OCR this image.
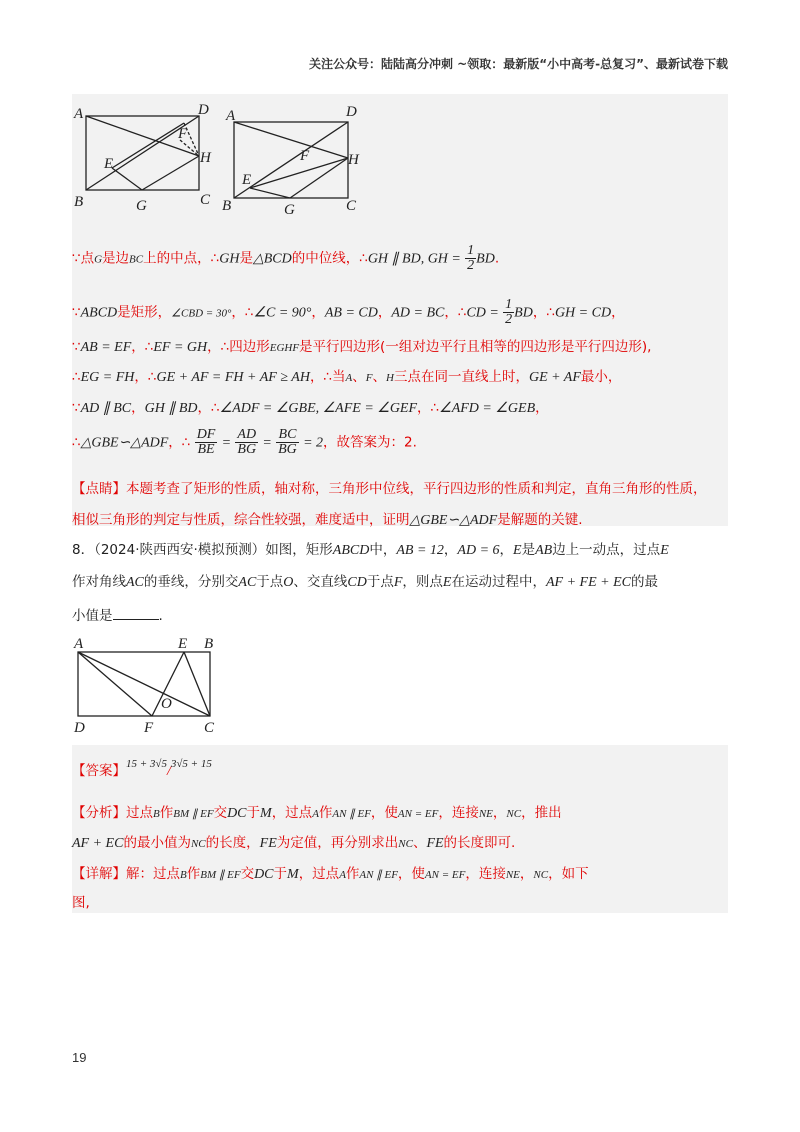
关注公众号：陆陆高分冲刺 ~领取：最新版“小中高考-总复习”、最新试卷下载
A	D
F
H
E
B	G	C
A	D
F	H
E
B	G	C
∵点G是边BC上的中点，∴GH是△BCD的中位线，∴GH ∥ BD, GH = $\frac{1}{2}$ BD.
∵ABCD是矩形，∠CBD = 30°，∴∠C = 90°，AB = CD，AD = BC，∴CD = $\frac{1}{2}$ BD，∴GH = CD，
∵AB = EF，∴EF = GH，∴四边形EGHF是平行四边形(一组对边平行且相等的四边形是平行四边形),
∴EG = FH，∴GE + AF = FH + AF ≥ AH，∴当A、F、H三点在同一直线上时，GE + AF最小，
∵AD ∥ BC，GH ∥ BD，∴∠ADF = ∠GBE, ∠AFE = ∠GEF，∴∠AFD = ∠GEB，
∴△GBE∽△ADF，∴ $\frac{DF}{BE} = \frac{AD}{BG} = \frac{BC}{BG} = 2$，故答案为：2.
【点睛】本题考查了矩形的性质，轴对称，三角形中位线，平行四边形的性质和判定，直角三角形的性质，
相似三角形的判定与性质，综合性较强，难度适中，证明△GBE∽△ADF是解题的关键.
8．（2024·陕西西安·模拟预测）如图，矩形ABCD中，AB = 12，AD = 6，E是AB边上一动点，过点E
作对角线AC的垂线，分别交AC于点O、交直线CD于点F，则点E在运动过程中，AF + FE + EC的最
小值是	.
A	E B
O
D	F	C
【答案】$^{15 + 3√5}$/$^{3√5 + 15}$
【分析】过点B作BM ∥ EF交DC于M，过点A作AN ∥ EF，使AN = EF，连接NE，NC，推出
AF + EC的最小值为NC的长度，FE为定值，再分别求出NC、FE的长度即可.
【详解】解：过点B作BM ∥ EF交DC于M，过点A作AN ∥ EF，使AN = EF，连接NE，NC，如下
图,
19
